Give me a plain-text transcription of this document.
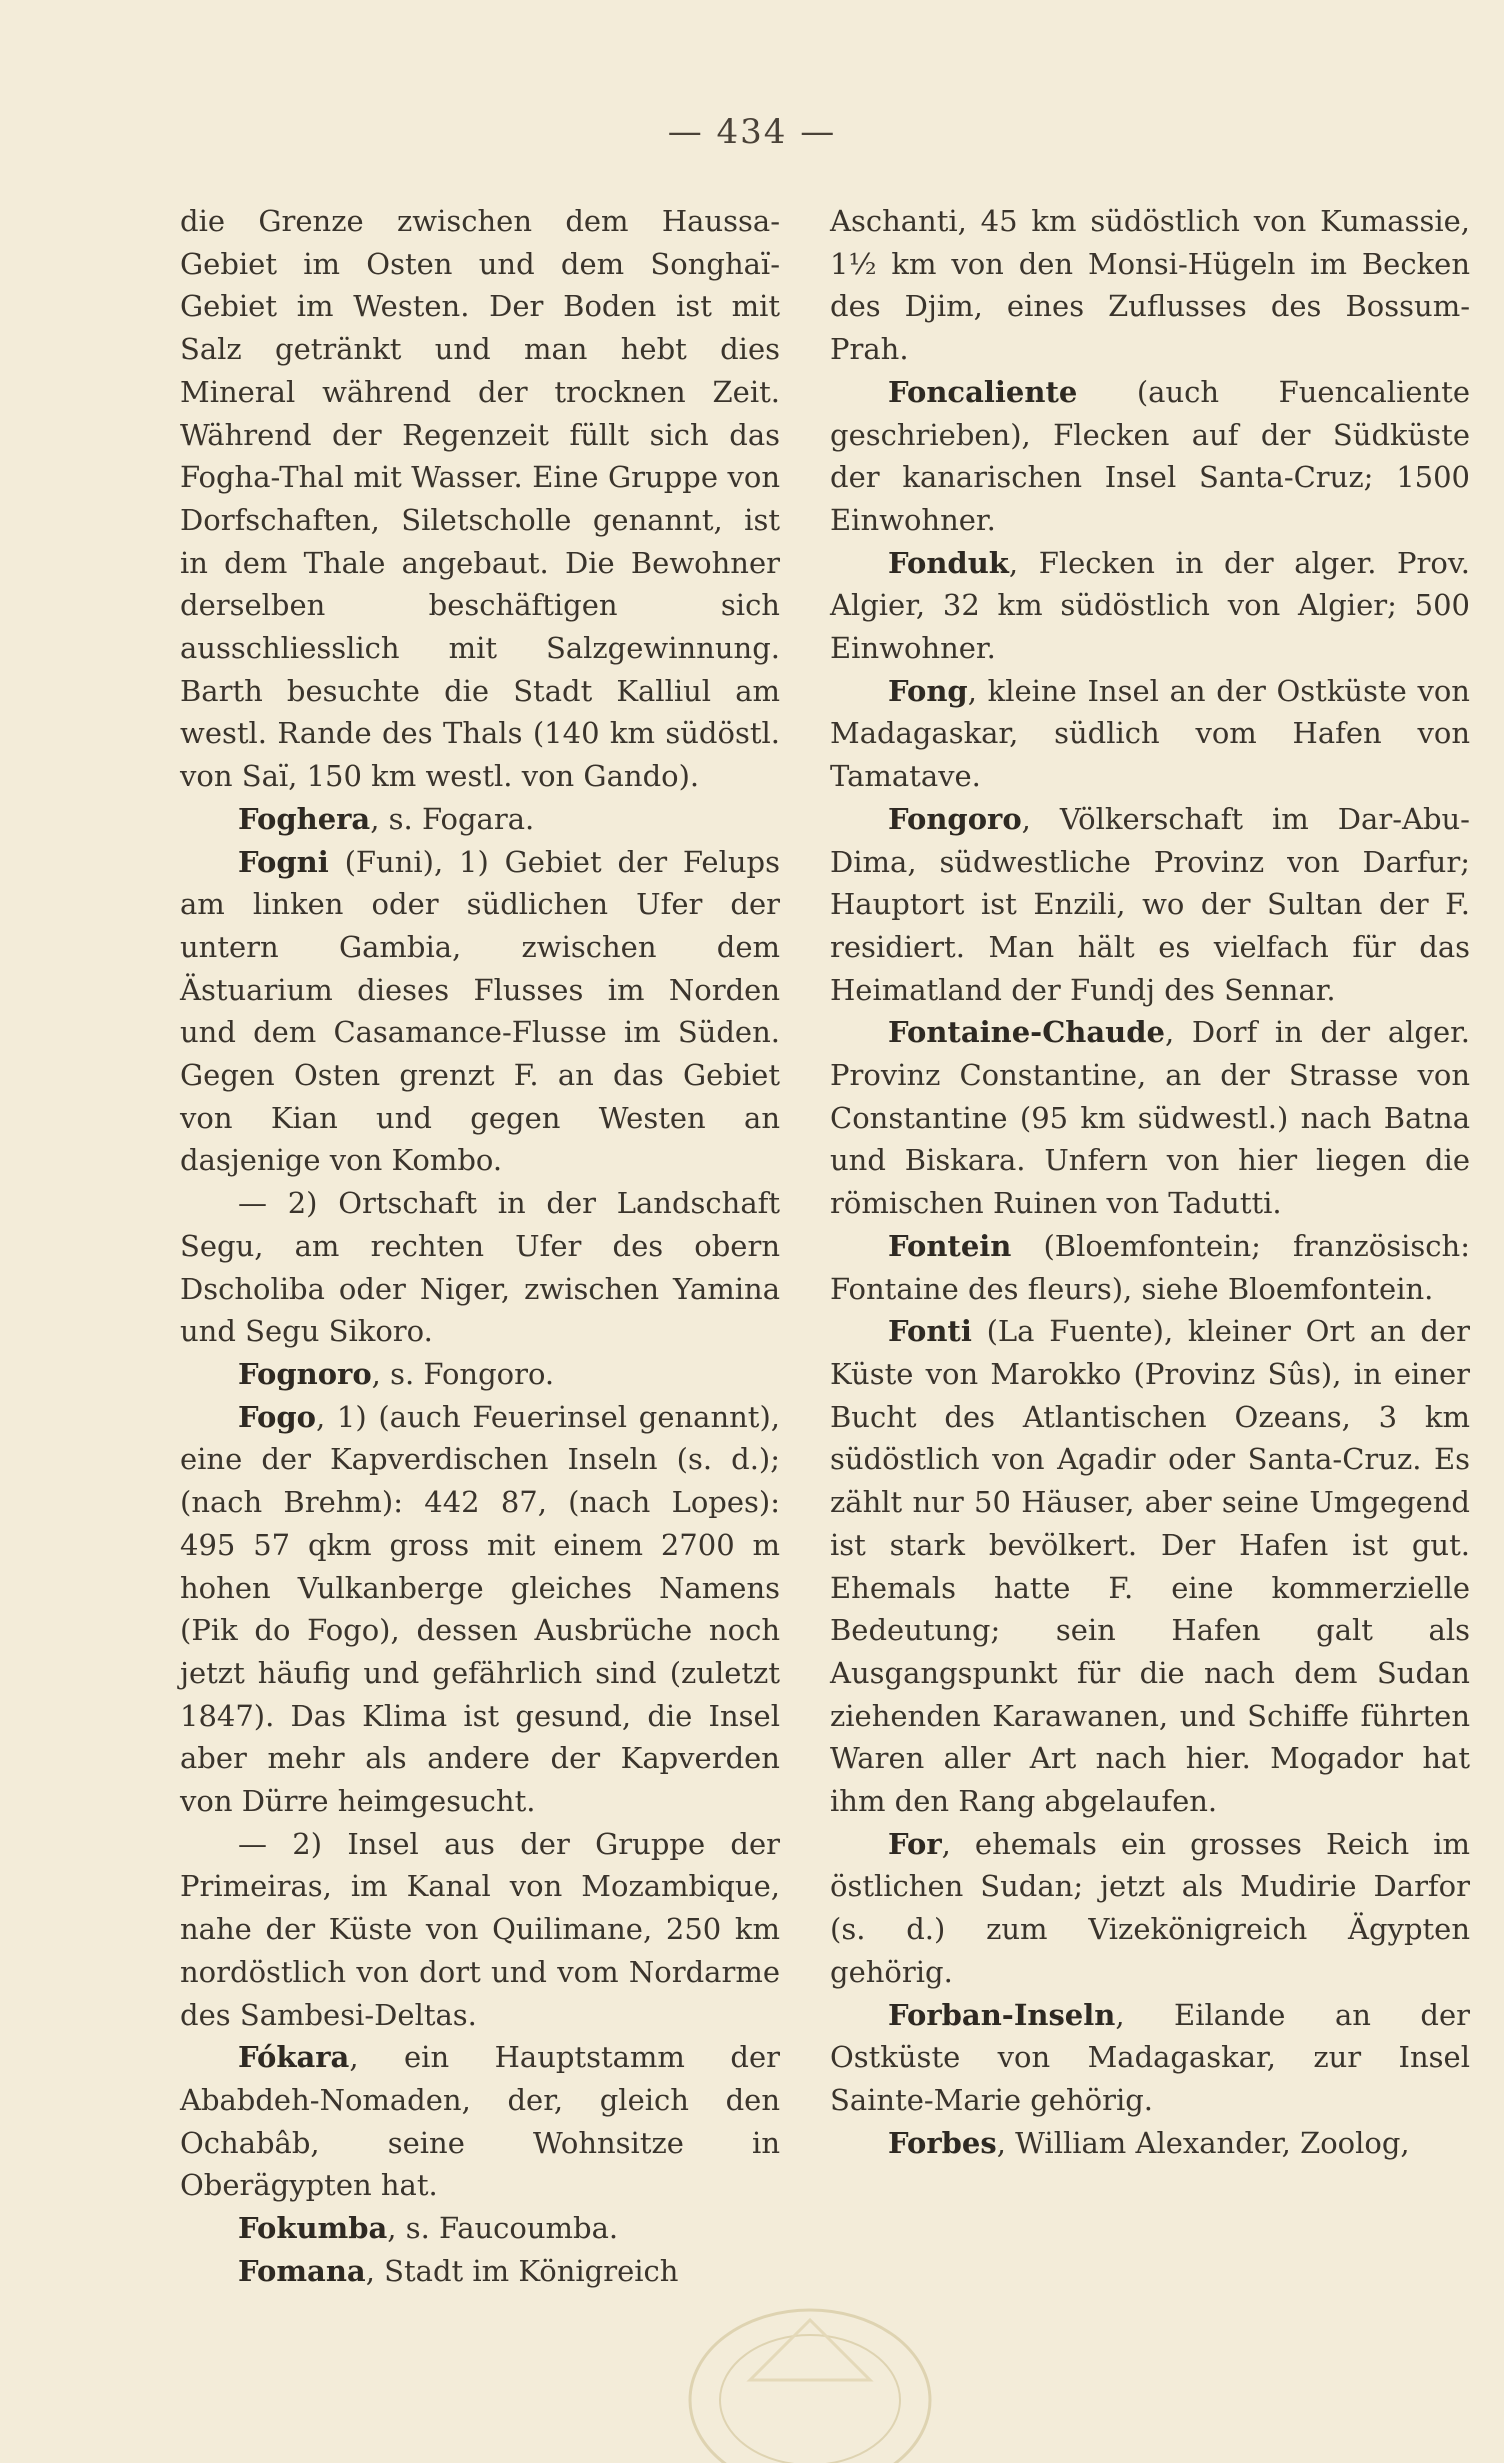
— 434 —

die Grenze zwischen dem Haussa-Gebiet im Osten und dem Songhaï-Gebiet im Westen. Der Boden ist mit Salz getränkt und man hebt dies Mineral während der trocknen Zeit. Während der Regenzeit füllt sich das Fogha-Thal mit Wasser. Eine Gruppe von Dorfschaften, Siletscholle genannt, ist in dem Thale angebaut. Die Bewohner derselben beschäftigen sich ausschliesslich mit Salzgewinnung. Barth besuchte die Stadt Kalliul am westl. Rande des Thals (140 km südöstl. von Saï, 150 km westl. von Gando).

Foghera, s. Fogara.

Fogni (Funi), 1) Gebiet der Felups am linken oder südlichen Ufer der untern Gambia, zwischen dem Ästuarium dieses Flusses im Norden und dem Casamance-Flusse im Süden. Gegen Osten grenzt F. an das Gebiet von Kian und gegen Westen an dasjenige von Kombo.

— 2) Ortschaft in der Landschaft Segu, am rechten Ufer des obern Dscholiba oder Niger, zwischen Yamina und Segu Sikoro.

Fognoro, s. Fongoro.

Fogo, 1) (auch Feuerinsel genannt), eine der Kapverdischen Inseln (s. d.); (nach Brehm): 442 87, (nach Lopes): 495 57 qkm gross mit einem 2700 m hohen Vulkanberge gleiches Namens (Pik do Fogo), dessen Ausbrüche noch jetzt häufig und gefährlich sind (zuletzt 1847). Das Klima ist gesund, die Insel aber mehr als andere der Kapverden von Dürre heimgesucht.

— 2) Insel aus der Gruppe der Primeiras, im Kanal von Mozambique, nahe der Küste von Quilimane, 250 km nordöstlich von dort und vom Nordarme des Sambesi-Deltas.

Fókara, ein Hauptstamm der Ababdeh-Nomaden, der, gleich den Ochabâb, seine Wohnsitze in Oberägypten hat.

Fokumba, s. Faucoumba.

Fomana, Stadt im Königreich

Aschanti, 45 km südöstlich von Kumassie, 1½ km von den Monsi-Hügeln im Becken des Djim, eines Zuflusses des Bossum-Prah.

Foncaliente (auch Fuencaliente geschrieben), Flecken auf der Südküste der kanarischen Insel Santa-Cruz; 1500 Einwohner.

Fonduk, Flecken in der alger. Prov. Algier, 32 km südöstlich von Algier; 500 Einwohner.

Fong, kleine Insel an der Ostküste von Madagaskar, südlich vom Hafen von Tamatave.

Fongoro, Völkerschaft im Dar-Abu-Dima, südwestliche Provinz von Darfur; Hauptort ist Enzili, wo der Sultan der F. residiert. Man hält es vielfach für das Heimatland der Fundj des Sennar.

Fontaine-Chaude, Dorf in der alger. Provinz Constantine, an der Strasse von Constantine (95 km südwestl.) nach Batna und Biskara. Unfern von hier liegen die römischen Ruinen von Tadutti.

Fontein (Bloemfontein; französisch: Fontaine des fleurs), siehe Bloemfontein.

Fonti (La Fuente), kleiner Ort an der Küste von Marokko (Provinz Sûs), in einer Bucht des Atlantischen Ozeans, 3 km südöstlich von Agadir oder Santa-Cruz. Es zählt nur 50 Häuser, aber seine Umgegend ist stark bevölkert. Der Hafen ist gut. Ehemals hatte F. eine kommerzielle Bedeutung; sein Hafen galt als Ausgangspunkt für die nach dem Sudan ziehenden Karawanen, und Schiffe führten Waren aller Art nach hier. Mogador hat ihm den Rang abgelaufen.

For, ehemals ein grosses Reich im östlichen Sudan; jetzt als Mudirie Darfor (s. d.) zum Vizekönigreich Ägypten gehörig.

Forban-Inseln, Eilande an der Ostküste von Madagaskar, zur Insel Sainte-Marie gehörig.

Forbes, William Alexander, Zoolog,
